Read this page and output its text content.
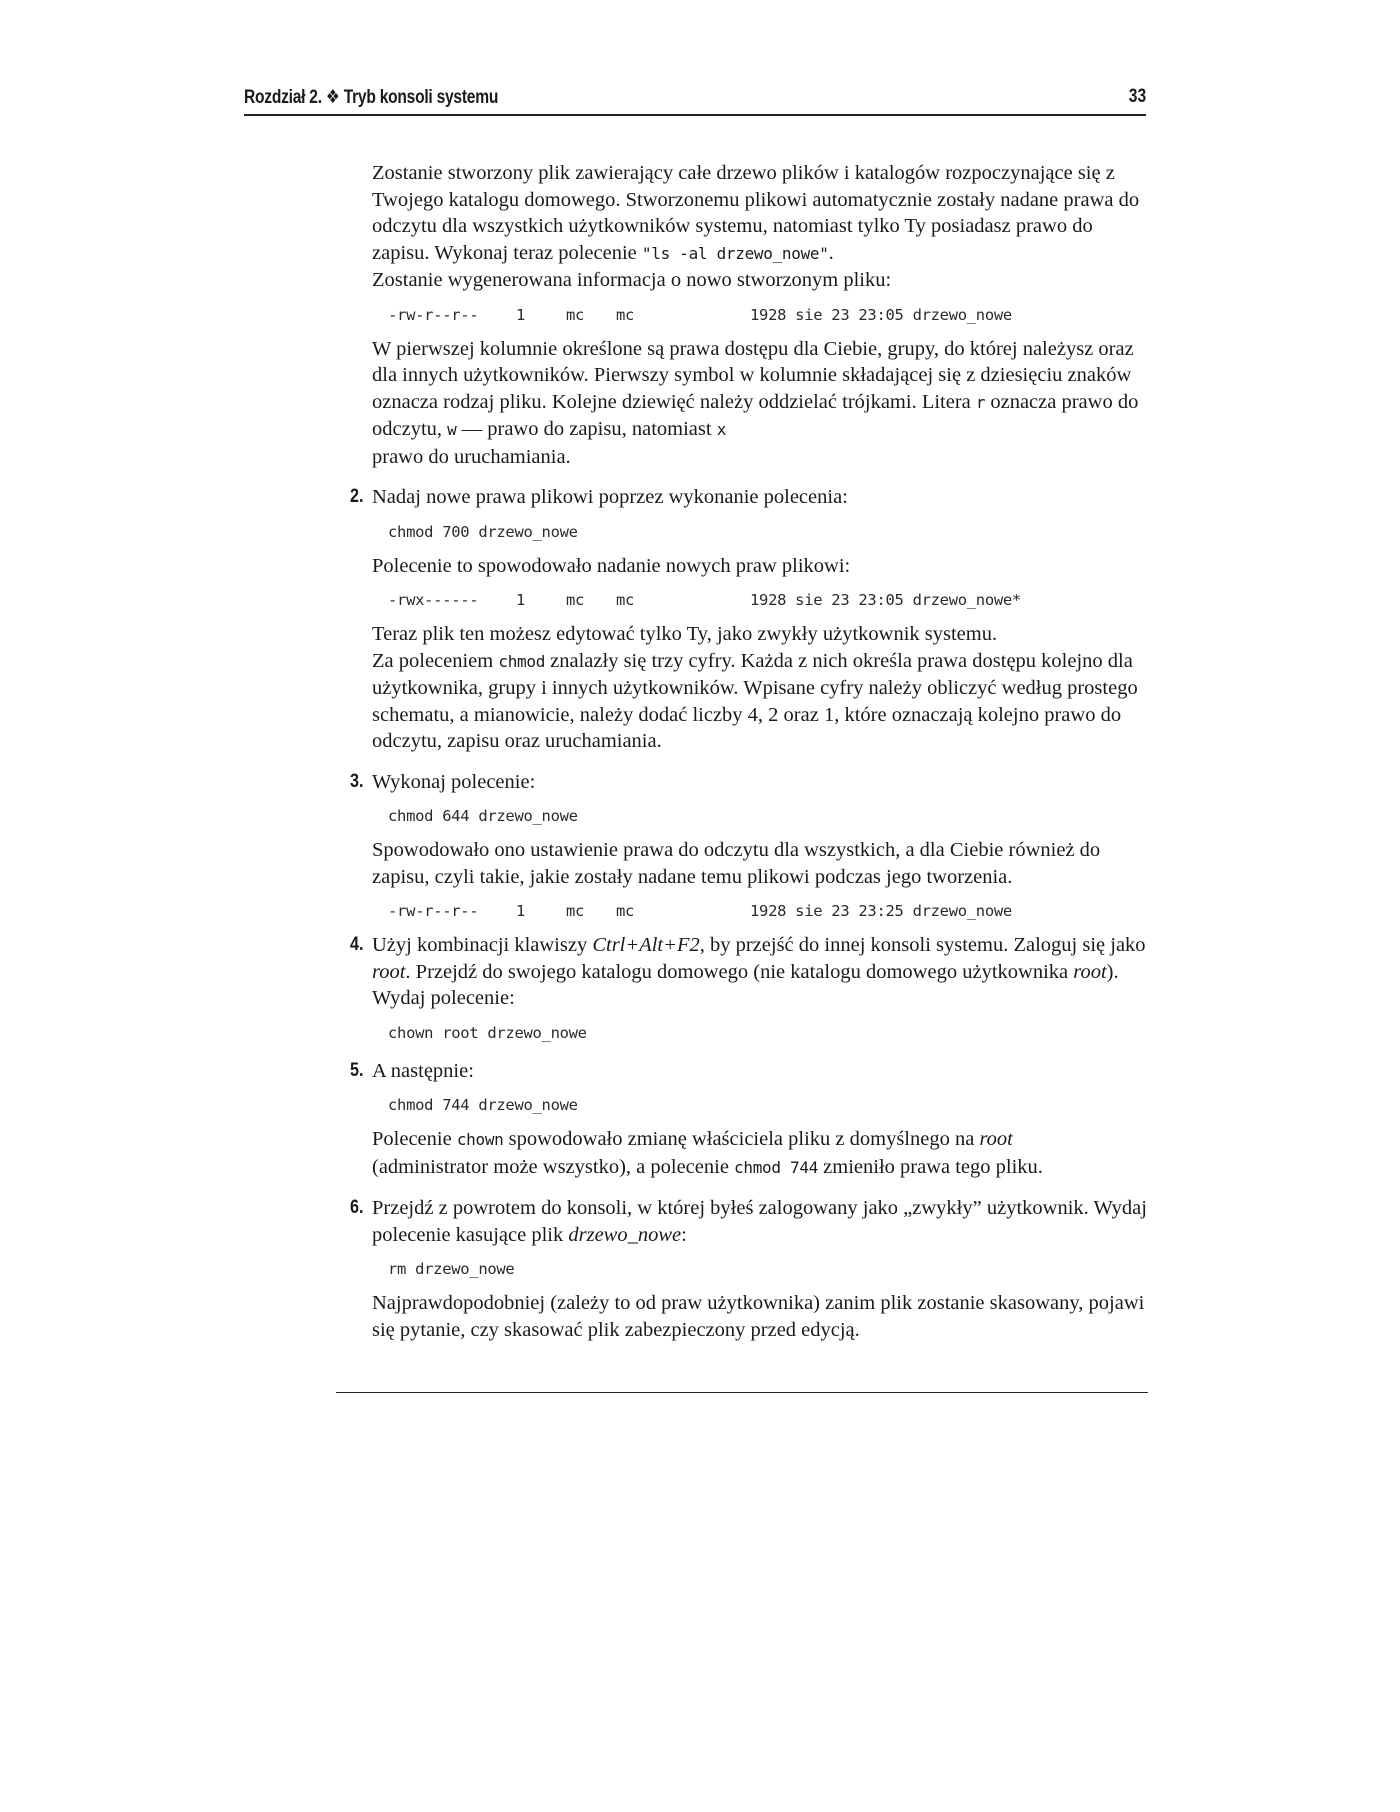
Rozdział 2. ❖ Tryb konsoli systemu	33

Zostanie stworzony plik zawierający całe drzewo plików i katalogów rozpoczynające się z Twojego katalogu domowego. Stworzonemu plikowi automatycznie zostały nadane prawa do odczytu dla wszystkich użytkowników systemu, natomiast tylko Ty posiadasz prawo do zapisu. Wykonaj teraz polecenie "ls -al drzewo_nowe".
Zostanie wygenerowana informacja o nowo stworzonym pliku:

-rw-r--r-- 1	mc mc	1928 sie 23 23:05 drzewo_nowe

W pierwszej kolumnie określone są prawa dostępu dla Ciebie, grupy, do której należysz oraz dla innych użytkowników. Pierwszy symbol w kolumnie składającej się z dziesięciu znaków oznacza rodzaj pliku. Kolejne dziewięć należy oddzielać trójkami. Litera r oznacza prawo do odczytu, w — prawo do zapisu, natomiast x
prawo do uruchamiania.

2. Nadaj nowe prawa plikowi poprzez wykonanie polecenia:

chmod 700 drzewo_nowe

Polecenie to spowodowało nadanie nowych praw plikowi:

-rwx------ 1	mc mc	1928 sie 23 23:05 drzewo_nowe*

Teraz plik ten możesz edytować tylko Ty, jako zwykły użytkownik systemu.
Za poleceniem chmod znalazły się trzy cyfry. Każda z nich określa prawa dostępu kolejno dla użytkownika, grupy i innych użytkowników. Wpisane cyfry należy obliczyć według prostego schematu, a mianowicie, należy dodać liczby 4, 2 oraz 1, które oznaczają kolejno prawo do odczytu, zapisu oraz uruchamiania.

3. Wykonaj polecenie:

chmod 644 drzewo_nowe

Spowodowało ono ustawienie prawa do odczytu dla wszystkich, a dla Ciebie również do zapisu, czyli takie, jakie zostały nadane temu plikowi podczas jego tworzenia.

-rw-r--r-- 1	mc mc	1928 sie 23 23:25 drzewo_nowe
4. Użyj kombinacji klawiszy Ctrl+Alt+F2, by przejść do innej konsoli systemu. Zaloguj się jako root. Przejdź do swojego katalogu domowego (nie katalogu domowego użytkownika root). Wydaj polecenie:

chown root drzewo_nowe
5. A następnie:

chmod 744 drzewo_nowe

Polecenie chown spowodowało zmianę właściciela pliku z domyślnego na root
(administrator może wszystko), a polecenie chmod 744 zmieniło prawa tego pliku.

6. Przejdź z powrotem do konsoli, w której byłeś zalogowany jako „zwykły” użytkownik. Wydaj polecenie kasujące plik drzewo_nowe:

rm drzewo_nowe

Najprawdopodobniej (zależy to od praw użytkownika) zanim plik zostanie skasowany, pojawi się pytanie, czy skasować plik zabezpieczony przed edycją.
